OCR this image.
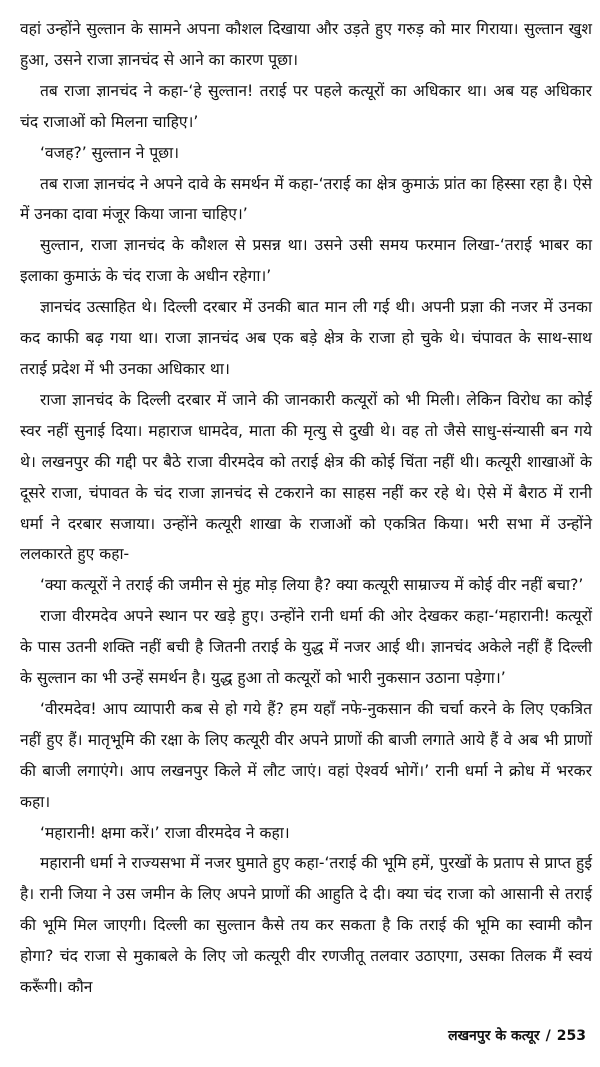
वहां उन्होंने सुल्तान के सामने अपना कौशल दिखाया और उड़ते हुए गरुड़ को मार गिराया। सुल्तान खुश हुआ, उसने राजा ज्ञानचंद से आने का कारण पूछा।

तब राजा ज्ञानचंद ने कहा-‘हे सुल्तान! तराई पर पहले कत्यूरों का अधिकार था। अब यह अधिकार चंद राजाओं को मिलना चाहिए।’

‘वजह?’ सुल्तान ने पूछा।

तब राजा ज्ञानचंद ने अपने दावे के समर्थन में कहा-‘तराई का क्षेत्र कुमाऊं प्रांत का हिस्सा रहा है। ऐसे में उनका दावा मंजूर किया जाना चाहिए।’

सुल्तान, राजा ज्ञानचंद के कौशल से प्रसन्न था। उसने उसी समय फरमान लिखा-‘तराई भाबर का इलाका कुमाऊं के चंद राजा के अधीन रहेगा।’

ज्ञानचंद उत्साहित थे। दिल्ली दरबार में उनकी बात मान ली गई थी। अपनी प्रज्ञा की नजर में उनका कद काफी बढ़ गया था। राजा ज्ञानचंद अब एक बड़े क्षेत्र के राजा हो चुके थे। चंपावत के साथ-साथ तराई प्रदेश में भी उनका अधिकार था।

राजा ज्ञानचंद के दिल्ली दरबार में जाने की जानकारी कत्यूरों को भी मिली। लेकिन विरोध का कोई स्वर नहीं सुनाई दिया। महाराज धामदेव, माता की मृत्यु से दुखी थे। वह तो जैसे साधु-संन्यासी बन गये थे। लखनपुर की गद्दी पर बैठे राजा वीरमदेव को तराई क्षेत्र की कोई चिंता नहीं थी। कत्यूरी शाखाओं के दूसरे राजा, चंपावत के चंद राजा ज्ञानचंद से टकराने का साहस नहीं कर रहे थे। ऐसे में बैराठ में रानी धर्मा ने दरबार सजाया। उन्होंने कत्यूरी शाखा के राजाओं को एकत्रित किया। भरी सभा में उन्होंने ललकारते हुए कहा-

‘क्या कत्यूरों ने तराई की जमीन से मुंह मोड़ लिया है? क्या कत्यूरी साम्राज्य में कोई वीर नहीं बचा?’

राजा वीरमदेव अपने स्थान पर खड़े हुए। उन्होंने रानी धर्मा की ओर देखकर कहा-‘महारानी! कत्यूरों के पास उतनी शक्ति नहीं बची है जितनी तराई के युद्ध में नजर आई थी। ज्ञानचंद अकेले नहीं हैं दिल्ली के सुल्तान का भी उन्हें समर्थन है। युद्ध हुआ तो कत्यूरों को भारी नुकसान उठाना पड़ेगा।’

‘वीरमदेव! आप व्यापारी कब से हो गये हैं? हम यहाँ नफे-नुकसान की चर्चा करने के लिए एकत्रित नहीं हुए हैं। मातृभूमि की रक्षा के लिए कत्यूरी वीर अपने प्राणों की बाजी लगाते आये हैं वे अब भी प्राणों की बाजी लगाएंगे। आप लखनपुर किले में लौट जाएं। वहां ऐश्वर्य भोगें।’ रानी धर्मा ने क्रोध में भरकर कहा।

‘महारानी! क्षमा करें।’ राजा वीरमदेव ने कहा।

महारानी धर्मा ने राज्यसभा में नजर घुमाते हुए कहा-‘तराई की भूमि हमें, पुरखों के प्रताप से प्राप्त हुई है। रानी जिया ने उस जमीन के लिए अपने प्राणों की आहुति दे दी। क्या चंद राजा को आसानी से तराई की भूमि मिल जाएगी। दिल्ली का सुल्तान कैसे तय कर सकता है कि तराई की भूमि का स्वामी कौन होगा? चंद राजा से मुकाबले के लिए जो कत्यूरी वीर रणजीतू तलवार उठाएगा, उसका तिलक मैं स्वयं करूँगी। कौन

लखनपुर के कत्यूर / 253
